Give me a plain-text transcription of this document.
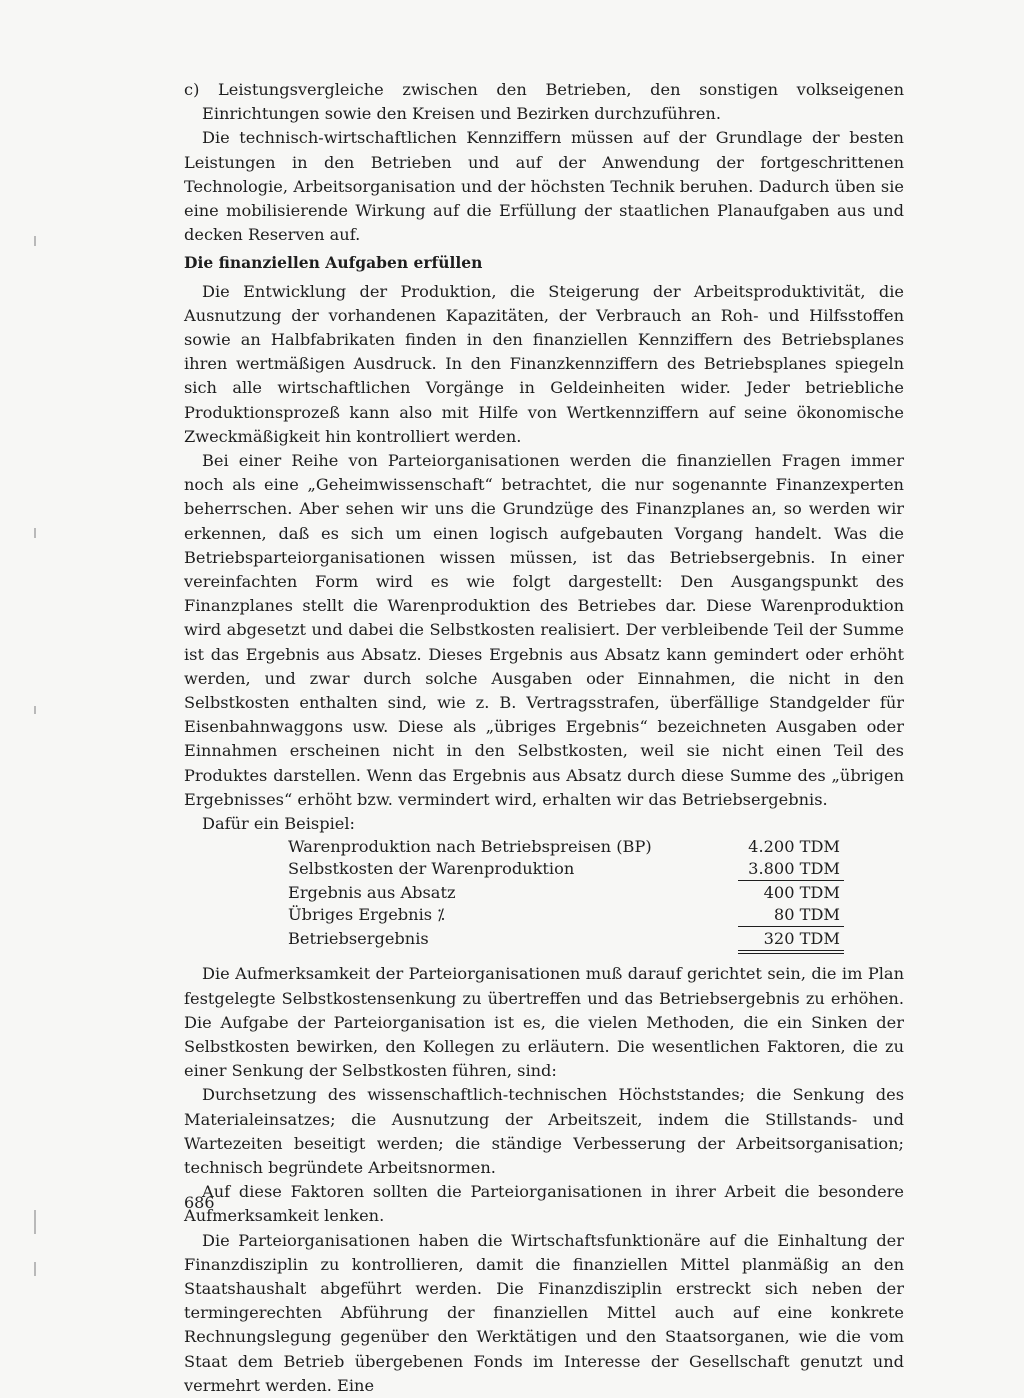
c) Leistungsvergleiche zwischen den Betrieben, den sonstigen volkseigenen Einrichtungen sowie den Kreisen und Bezirken durchzuführen.

Die technisch-wirtschaftlichen Kennziffern müssen auf der Grundlage der besten Leistungen in den Betrieben und auf der Anwendung der fortgeschrittenen Technologie, Arbeitsorganisation und der höchsten Technik beruhen. Dadurch üben sie eine mobilisierende Wirkung auf die Erfüllung der staatlichen Planaufgaben aus und decken Reserven auf.

Die finanziellen Aufgaben erfüllen

Die Entwicklung der Produktion, die Steigerung der Arbeitsproduktivität, die Ausnutzung der vorhandenen Kapazitäten, der Verbrauch an Roh- und Hilfsstoffen sowie an Halbfabrikaten finden in den finanziellen Kennziffern des Betriebsplanes ihren wertmäßigen Ausdruck. In den Finanzkennziffern des Betriebsplanes spiegeln sich alle wirtschaftlichen Vorgänge in Geldeinheiten wider. Jeder betriebliche Produktionsprozeß kann also mit Hilfe von Wertkennziffern auf seine ökonomische Zweckmäßigkeit hin kontrolliert werden.

Bei einer Reihe von Parteiorganisationen werden die finanziellen Fragen immer noch als eine „Geheimwissenschaft“ betrachtet, die nur sogenannte Finanzexperten beherrschen. Aber sehen wir uns die Grundzüge des Finanzplanes an, so werden wir erkennen, daß es sich um einen logisch aufgebauten Vorgang handelt. Was die Betriebsparteiorganisationen wissen müssen, ist das Betriebsergebnis. In einer vereinfachten Form wird es wie folgt dargestellt: Den Ausgangspunkt des Finanzplanes stellt die Warenproduktion des Betriebes dar. Diese Warenproduktion wird abgesetzt und dabei die Selbstkosten realisiert. Der verbleibende Teil der Summe ist das Ergebnis aus Absatz. Dieses Ergebnis aus Absatz kann gemindert oder erhöht werden, und zwar durch solche Ausgaben oder Einnahmen, die nicht in den Selbstkosten enthalten sind, wie z. B. Vertragsstrafen, überfällige Standgelder für Eisenbahnwaggons usw. Diese als „übriges Ergebnis“ bezeichneten Ausgaben oder Einnahmen erscheinen nicht in den Selbstkosten, weil sie nicht einen Teil des Produktes darstellen. Wenn das Ergebnis aus Absatz durch diese Summe des „übrigen Ergebnisses“ erhöht bzw. vermindert wird, erhalten wir das Betriebsergebnis.

Dafür ein Beispiel:

Warenproduktion nach Betriebspreisen (BP)	4.200 TDM
Selbstkosten der Warenproduktion	3.800 TDM
Ergebnis aus Absatz	400 TDM
Übriges Ergebnis ⁒	80 TDM
Betriebsergebnis	320 TDM

Die Aufmerksamkeit der Parteiorganisationen muß darauf gerichtet sein, die im Plan festgelegte Selbstkostensenkung zu übertreffen und das Betriebsergebnis zu erhöhen. Die Aufgabe der Parteiorganisation ist es, die vielen Methoden, die ein Sinken der Selbstkosten bewirken, den Kollegen zu erläutern. Die wesentlichen Faktoren, die zu einer Senkung der Selbstkosten führen, sind:

Durchsetzung des wissenschaftlich-technischen Höchststandes; die Senkung des Materialeinsatzes; die Ausnutzung der Arbeitszeit, indem die Stillstands- und Wartezeiten beseitigt werden; die ständige Verbesserung der Arbeitsorganisation; technisch begründete Arbeitsnormen.

Auf diese Faktoren sollten die Parteiorganisationen in ihrer Arbeit die besondere Aufmerksamkeit lenken.

Die Parteiorganisationen haben die Wirtschaftsfunktionäre auf die Einhaltung der Finanzdisziplin zu kontrollieren, damit die finanziellen Mittel planmäßig an den Staatshaushalt abgeführt werden. Die Finanzdisziplin erstreckt sich neben der termingerechten Abführung der finanziellen Mittel auch auf eine konkrete Rechnungslegung gegenüber den Werktätigen und den Staatsorganen, wie die vom Staat dem Betrieb übergebenen Fonds im Interesse der Gesellschaft genutzt und vermehrt werden. Eine

686
